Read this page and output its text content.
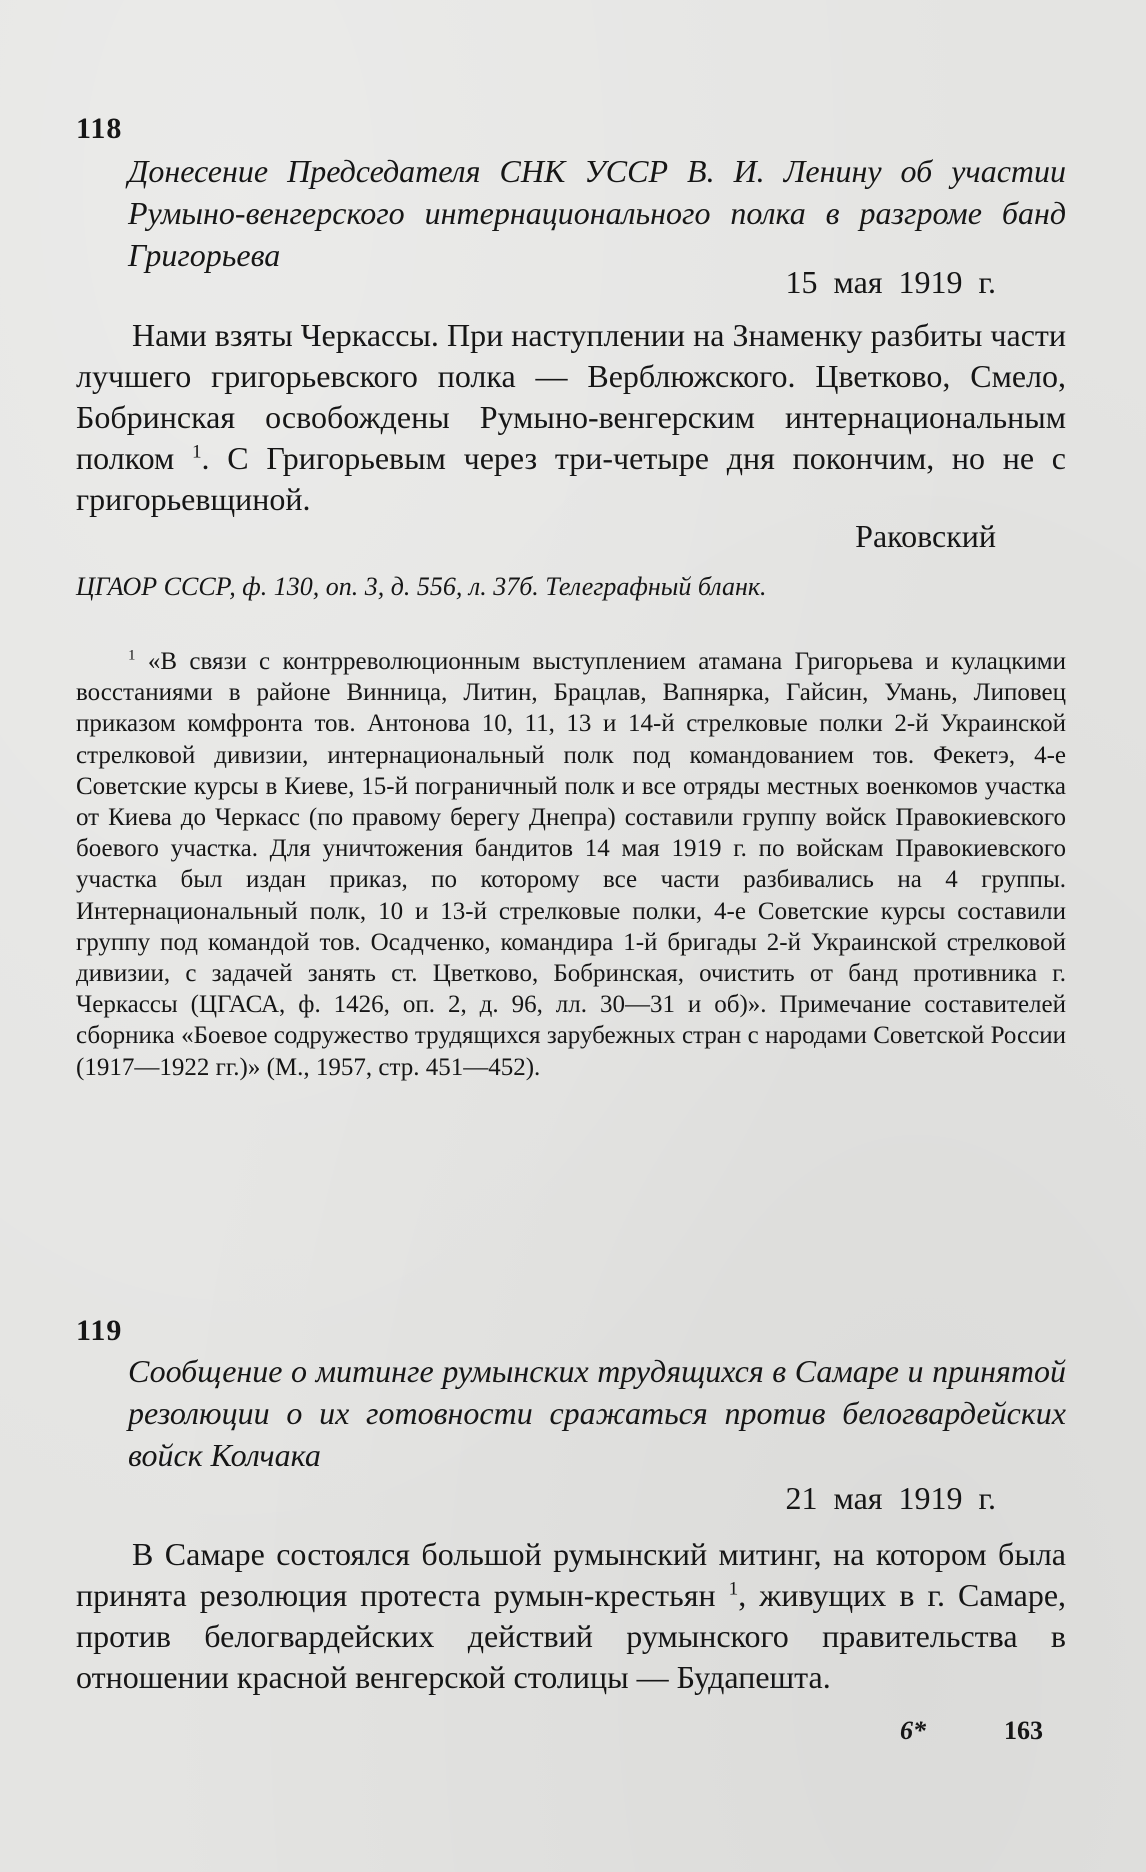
118
Донесение Председателя СНК УССР В. И. Ленину об участии Румыно-венгерского интернационального полка в разгроме банд Григорьева
15 мая 1919 г.

Нами взяты Черкассы. При наступлении на Знаменку разбиты части лучшего григорьевского полка — Верблюжского. Цветково, Смело, Бобринская освобождены Румыно-венгерским интернациональным полком $^1$. С Григорьевым через три-четыре дня покончим, но не с григорьевщиной.

Раковский
ЦГАОР СССР, ф. 130, оп. 3, д. 556, л. 37б. Телеграфный бланк.

$^1$ «В связи с контрреволюционным выступлением атамана Григорьева и кулацкими восстаниями в районе Винница, Литин, Брацлав, Вапнярка, Гайсин, Умань, Липовец приказом комфронта тов. Антонова 10, 11, 13 и 14-й стрелковые полки 2-й Украинской стрелковой дивизии, интернациональный полк под командованием тов. Фекетэ, 4-е Советские курсы в Киеве, 15-й пограничный полк и все отряды местных военкомов участка от Киева до Черкасс (по правому берегу Днепра) составили группу войск Правокиевского боевого участка. Для уничтожения бандитов 14 мая 1919 г. по войскам Правокиевского участка был издан приказ, по которому все части разбивались на 4 группы. Интернациональный полк, 10 и 13-й стрелковые полки, 4-е Советские курсы составили группу под командой тов. Осадченко, командира 1-й бригады 2-й Украинской стрелковой дивизии, с задачей занять ст. Цветково, Бобринская, очистить от банд противника г. Черкассы (ЦГАСА, ф. 1426, оп. 2, д. 96, лл. 30—31 и об)». Примечание составителей сборника «Боевое содружество трудящихся зарубежных стран с народами Советской России (1917—1922 гг.)» (М., 1957, стр. 451—452).

119
Сообщение о митинге румынских трудящихся в Самаре и принятой резолюции о их готовности сражаться против белогвардейских войск Колчака
21 мая 1919 г.

В Самаре состоялся большой румынский митинг, на котором была принята резолюция протеста румын-крестьян $^1$, живущих в г. Самаре, против белогвардейских действий румынского правительства в отношении красной венгерской столицы — Будапешта.

6*	163
